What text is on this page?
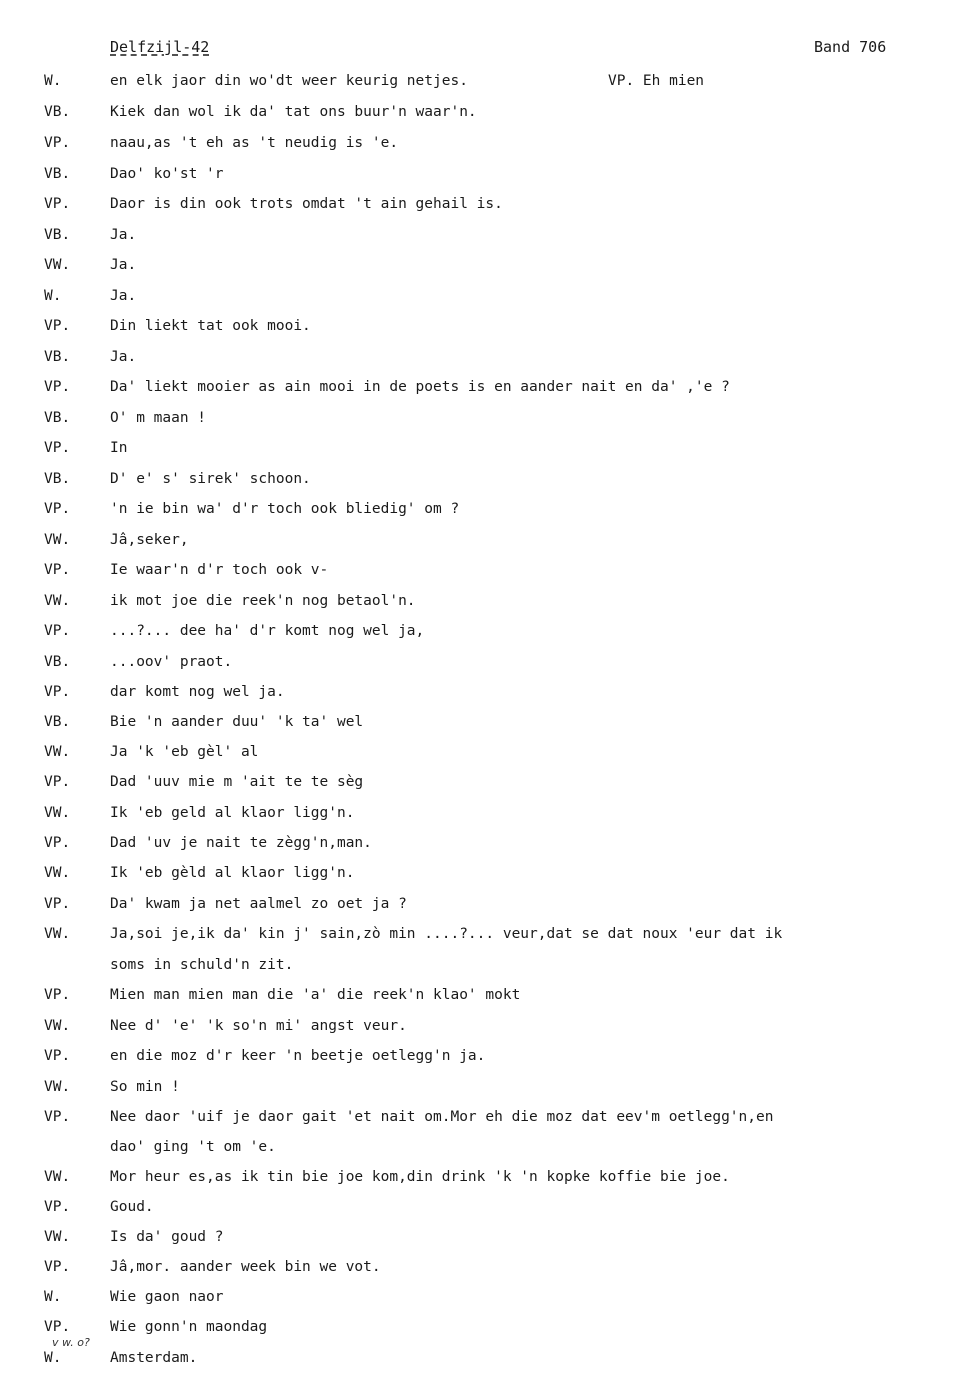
Delfzijl-42	Band 706
W.	en elk jaor din wo'dt weer keurig netjes.	VP. Eh mien
VB.	Kiek dan wol ik da' tat ons buur'n waar'n.
VP.	naau,as 't eh as 't neudig is 'e.
VB.	Dao' ko'st 'r
VP.	Daor is din ook trots omdat 't ain gehail is.
VB.	Ja.
VW.	Ja.
W.	Ja.
VP.	Din liekt tat ook mooi.
VB.	Ja.
VP.	Da' liekt mooier as ain mooi in de poets is en aander nait en da' ,'e ?
VB.	O' m maan !
VP.	In
VB.	D' e' s' sirek' schoon.
VP.	'n ie bin wa' d'r toch ook bliedig' om ?
VW.	Jâ,seker,
VP.	Ie waar'n d'r toch ook v-
VW.	ik mot joe die reek'n nog betaol'n.
VP.	...?... dee ha' d'r komt nog wel ja,
VB.	...oov' praot.
VP.	dar komt nog wel ja.
VB.	Bie 'n aander duu' 'k ta' wel
VW.	Ja 'k 'eb gèl' al
VP.	Dad 'uuv mie m 'ait te te sèg
VW.	Ik 'eb geld al klaor ligg'n.
VP.	Dad 'uv je nait te zègg'n,man.
VW.	Ik 'eb gèld al klaor ligg'n.
VP.	Da' kwam ja net aalmel zo oet ja ?
VW.	Ja,soi je,ik da' kin j' sain,zò min ....?... veur,dat se dat noux 'eur dat ik
soms in schuld'n zit.
VP.	Mien man mien man die 'a' die reek'n klao' mokt
VW.	Nee d' 'e' 'k so'n mi' angst veur.
VP.	en die moz d'r keer 'n beetje oetlegg'n ja.
VW.	So min !
VP.	Nee daor 'uif je daor gait 'et nait om.Mor eh die moz dat eev'm oetlegg'n,en
dao' ging 't om 'e.
VW.	Mor heur es,as ik tin bie joe kom,din drink 'k 'n kopke koffie bie joe.
VP.	Goud.
VW.	Is da' goud ?
VP.	Jâ,mor. aander week bin we vot.
W.	Wie gaon naor
VP.	Wie gonn'n maondag
W.	Amsterdam.
v w. o?
